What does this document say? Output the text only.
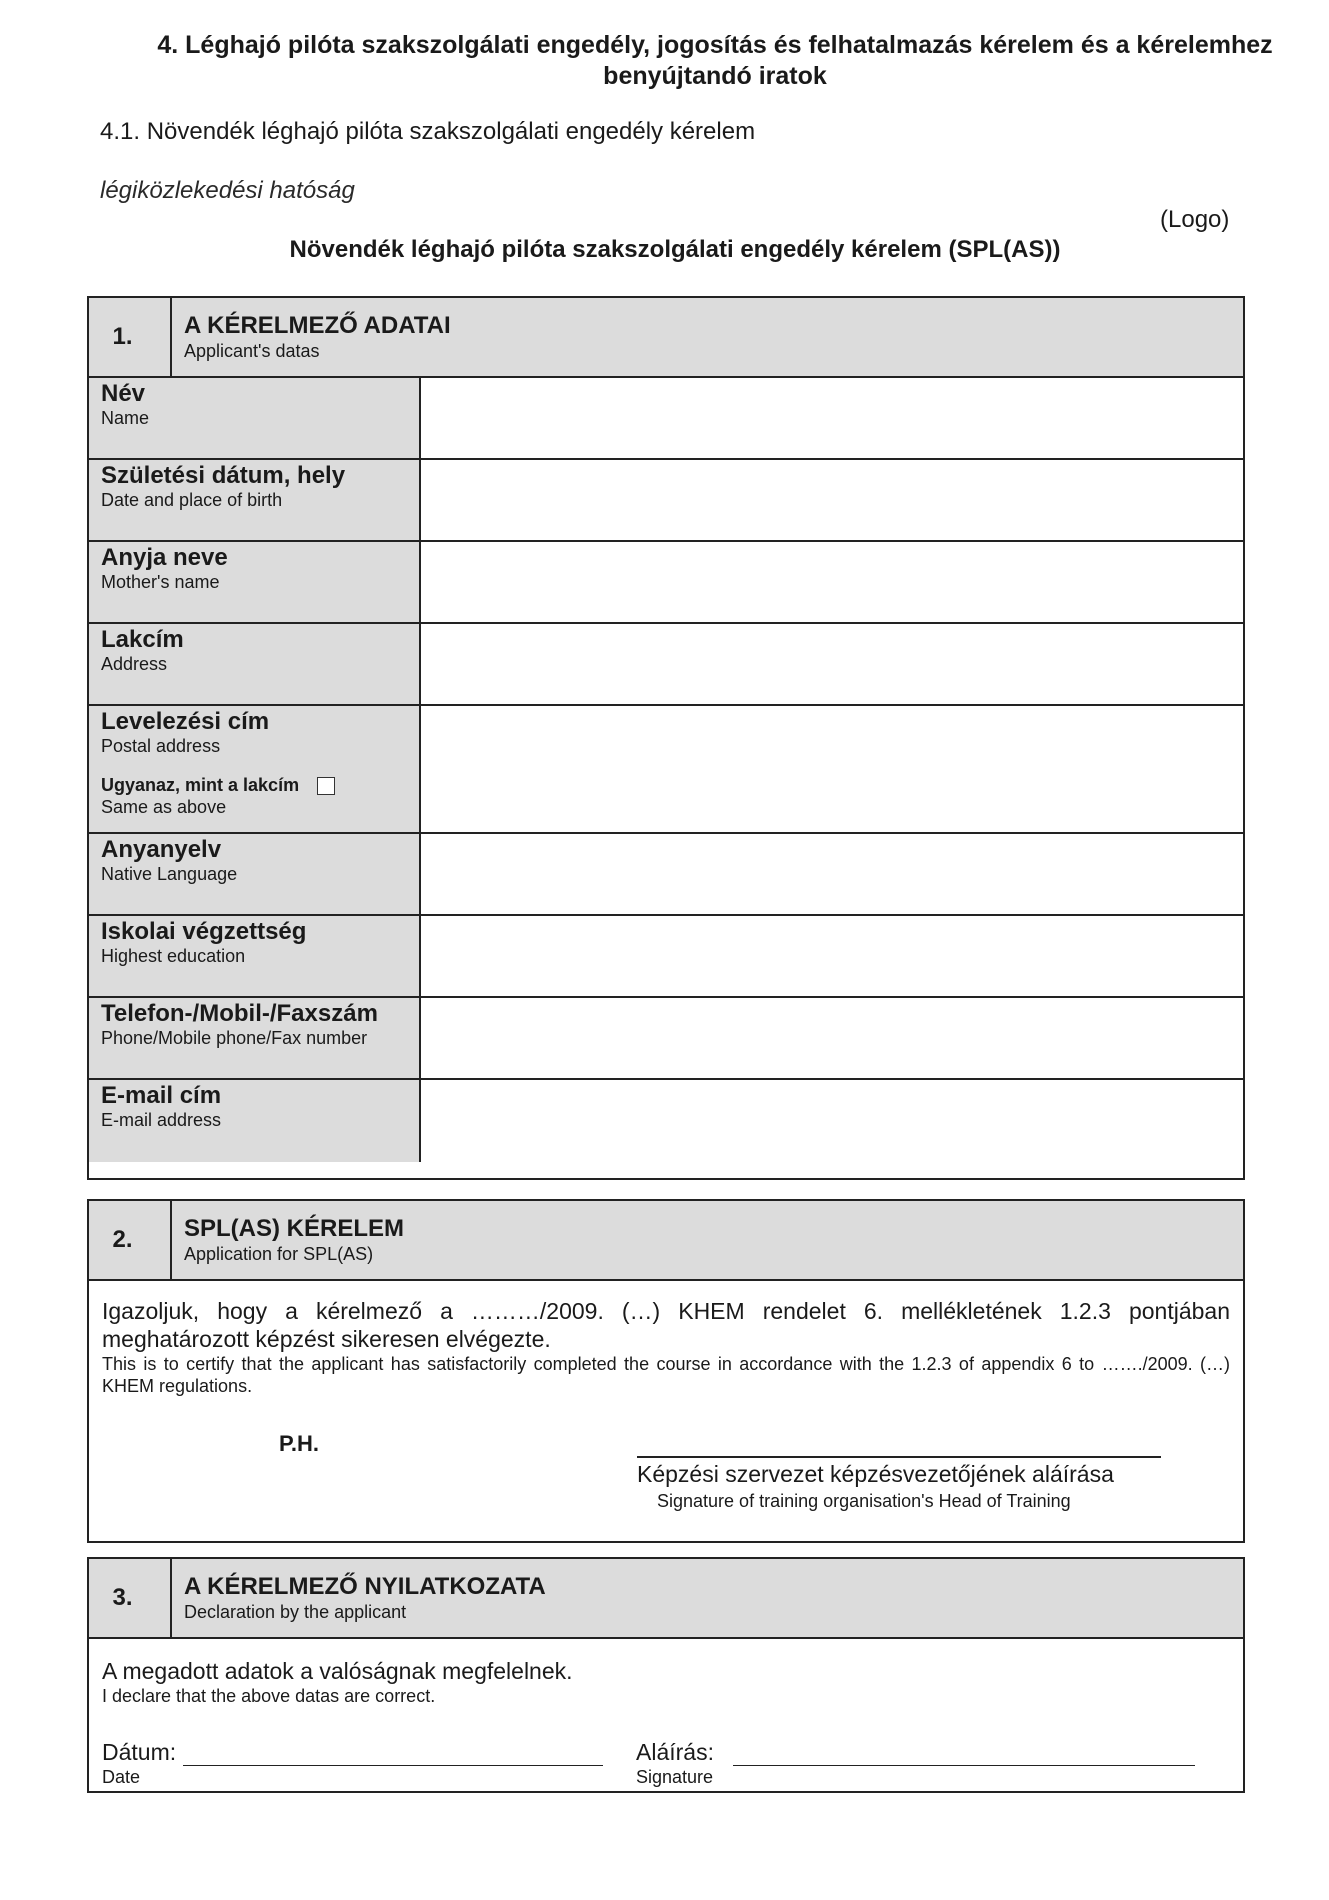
4. Léghajó pilóta szakszolgálati engedély, jogosítás és felhatalmazás kérelem és a kérelemhez benyújtandó iratok

4.1. Növendék léghajó pilóta szakszolgálati engedély kérelem

légiközlekedési hatóság
(Logo)
Növendék léghajó pilóta szakszolgálati engedély kérelem (SPL(AS))
1.	A KÉRELMEZŐ ADATAI
Applicant's datas
Név
Name
Születési dátum, hely
Date and place of birth
Anyja neve
Mother's name
Lakcím
Address
Levelezési cím
Postal address
Ugyanaz, mint a lakcím
Same as above
Anyanyelv
Native Language
Iskolai végzettség
Highest education
Telefon-/Mobil-/Faxszám
Phone/Mobile phone/Fax number
E-mail cím
E-mail address
2.	SPL(AS) KÉRELEM
Application for SPL(AS)
Igazoljuk, hogy a kérelmező a ………/2009. (…) KHEM rendelet 6. mellékletének 1.2.3 pontjában meghatározott képzést sikeresen elvégezte.
This is to certify that the applicant has satisfactorily completed the course in accordance with the 1.2.3 of appendix 6 to ……./2009. (…) KHEM regulations.
P.H.
Képzési szervezet képzésvezetőjének aláírása
Signature of training organisation's Head of Training
3.	A KÉRELMEZŐ NYILATKOZATA
Declaration by the applicant
A megadott adatok a valóságnak megfelelnek.
I declare that the above datas are correct.
Dátum:
Date
Aláírás:
Signature
